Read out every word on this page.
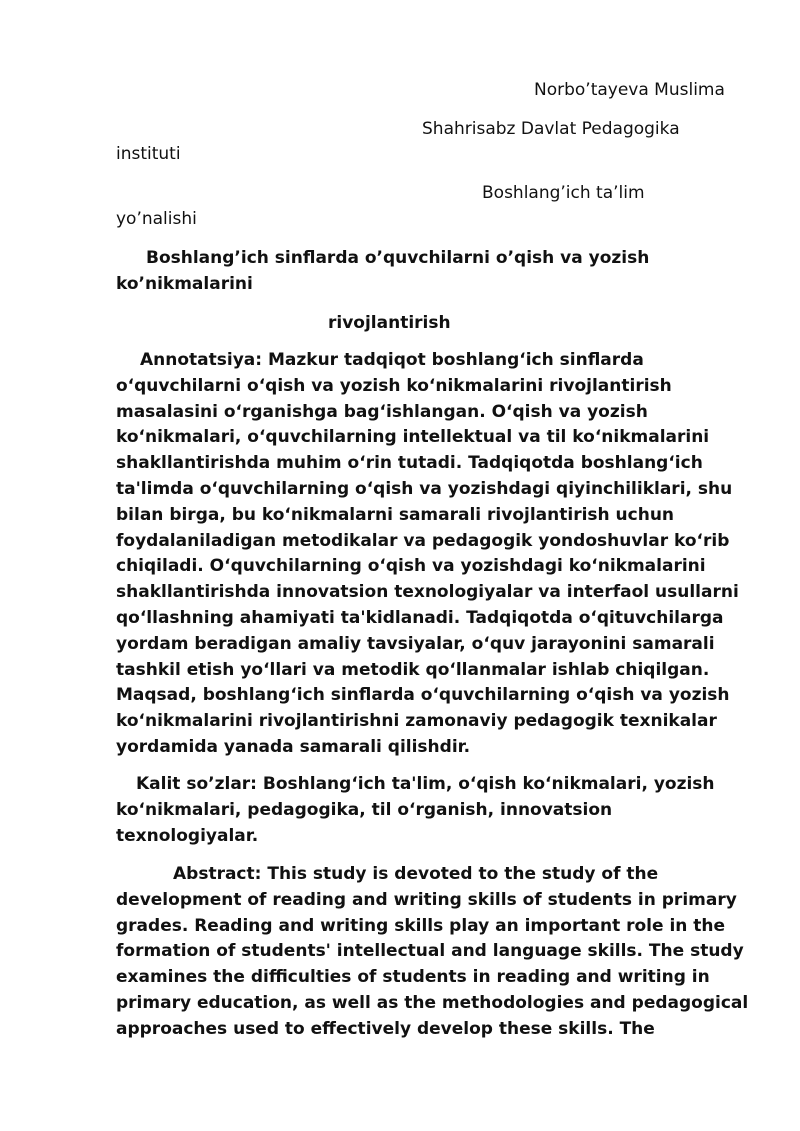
Norbo’tayeva Muslima
Shahrisabz Davlat Pedagogika
instituti
Boshlang’ich ta’lim
yo’nalishi
Boshlang’ich sinflarda o’quvchilarni o’qish va yozish
ko’nikmalarini
rivojlantirish
Annotatsiya: Mazkur tadqiqot boshlang‘ich sinflarda
o‘quvchilarni o‘qish va yozish ko‘nikmalarini rivojlantirish
masalasini o‘rganishga bag‘ishlangan. O‘qish va yozish
ko‘nikmalari, o‘quvchilarning intellektual va til ko‘nikmalarini
shakllantirishda muhim o‘rin tutadi. Tadqiqotda boshlang‘ich
ta'limda o‘quvchilarning o‘qish va yozishdagi qiyinchiliklari, shu
bilan birga, bu ko‘nikmalarni samarali rivojlantirish uchun
foydalaniladigan metodikalar va pedagogik yondoshuvlar ko‘rib
chiqiladi. O‘quvchilarning o‘qish va yozishdagi ko‘nikmalarini
shakllantirishda innovatsion texnologiyalar va interfaol usullarni
qo‘llashning ahamiyati ta'kidlanadi. Tadqiqotda o‘qituvchilarga
yordam beradigan amaliy tavsiyalar, o‘quv jarayonini samarali
tashkil etish yo‘llari va metodik qo‘llanmalar ishlab chiqilgan.
Maqsad, boshlang‘ich sinflarda o‘quvchilarning o‘qish va yozish
ko‘nikmalarini rivojlantirishni zamonaviy pedagogik texnikalar
yordamida yanada samarali qilishdir.
Kalit so’zlar: Boshlang‘ich ta'lim, o‘qish ko‘nikmalari, yozish
ko‘nikmalari, pedagogika, til o‘rganish, innovatsion
texnologiyalar.
Abstract: This study is devoted to the study of the
development of reading and writing skills of students in primary
grades. Reading and writing skills play an important role in the
formation of students' intellectual and language skills. The study
examines the difficulties of students in reading and writing in
primary education, as well as the methodologies and pedagogical
approaches used to effectively develop these skills. The
